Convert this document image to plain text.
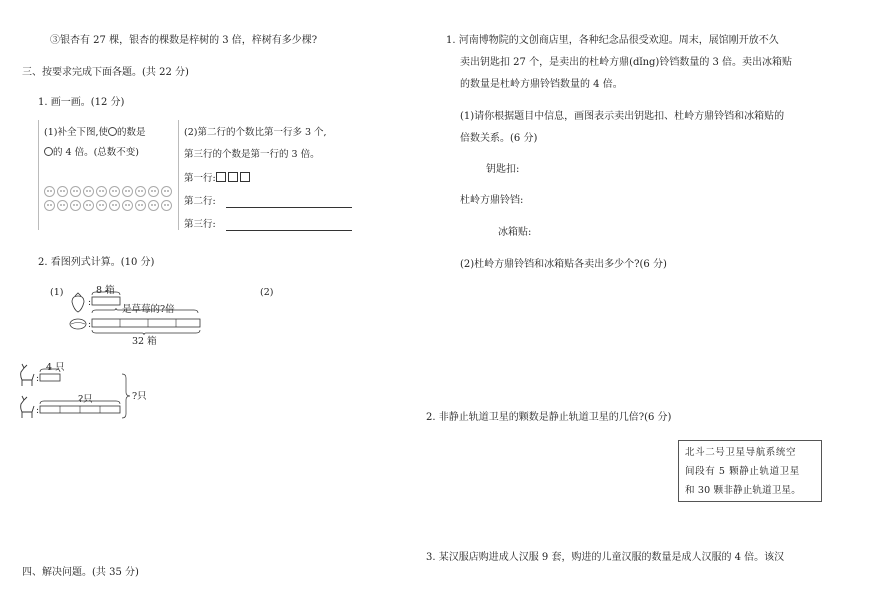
③银杏有 27 棵，银杏的棵数是梓树的 3 倍，梓树有多少棵?
三、按要求完成下面各题。(共 22 分)
1. 画一画。(12 分)
(1)补全下图,使 的数是
的 4 倍。(总数不变)
(2)第二行的个数比第一行多 3 个,
第三行的个数是第一行的 3 倍。
第一行:
第二行:
第三行:
2. 看图列式计算。(10 分)
(1)	(2)
:
:
:
:
8 箱
是草莓的?倍
32 箱
4 只
?只	?只
四、解决问题。(共 35 分)
1. 河南博物院的文创商店里，各种纪念品很受欢迎。周末，展馆刚开放不久
卖出钥匙扣 27 个，是卖出的杜岭方鼎(dǐng)铃铛数量的 3 倍。卖出冰箱贴
的数量是杜岭方鼎铃铛数量的 4 倍。
(1)请你根据题目中信息，画图表示卖出钥匙扣、杜岭方鼎铃铛和冰箱贴的
倍数关系。(6 分)
钥匙扣:
杜岭方鼎铃铛:
冰箱贴:
(2)杜岭方鼎铃铛和冰箱贴各卖出多少个?(6 分)
2. 非静止轨道卫星的颗数是静止轨道卫星的几倍?(6 分)
北斗二号卫星导航系统空
间段有 5 颗静止轨道卫星
和 30 颗非静止轨道卫星。
3. 某汉服店购进成人汉服 9 套，购进的儿童汉服的数量是成人汉服的 4 倍。该汉
